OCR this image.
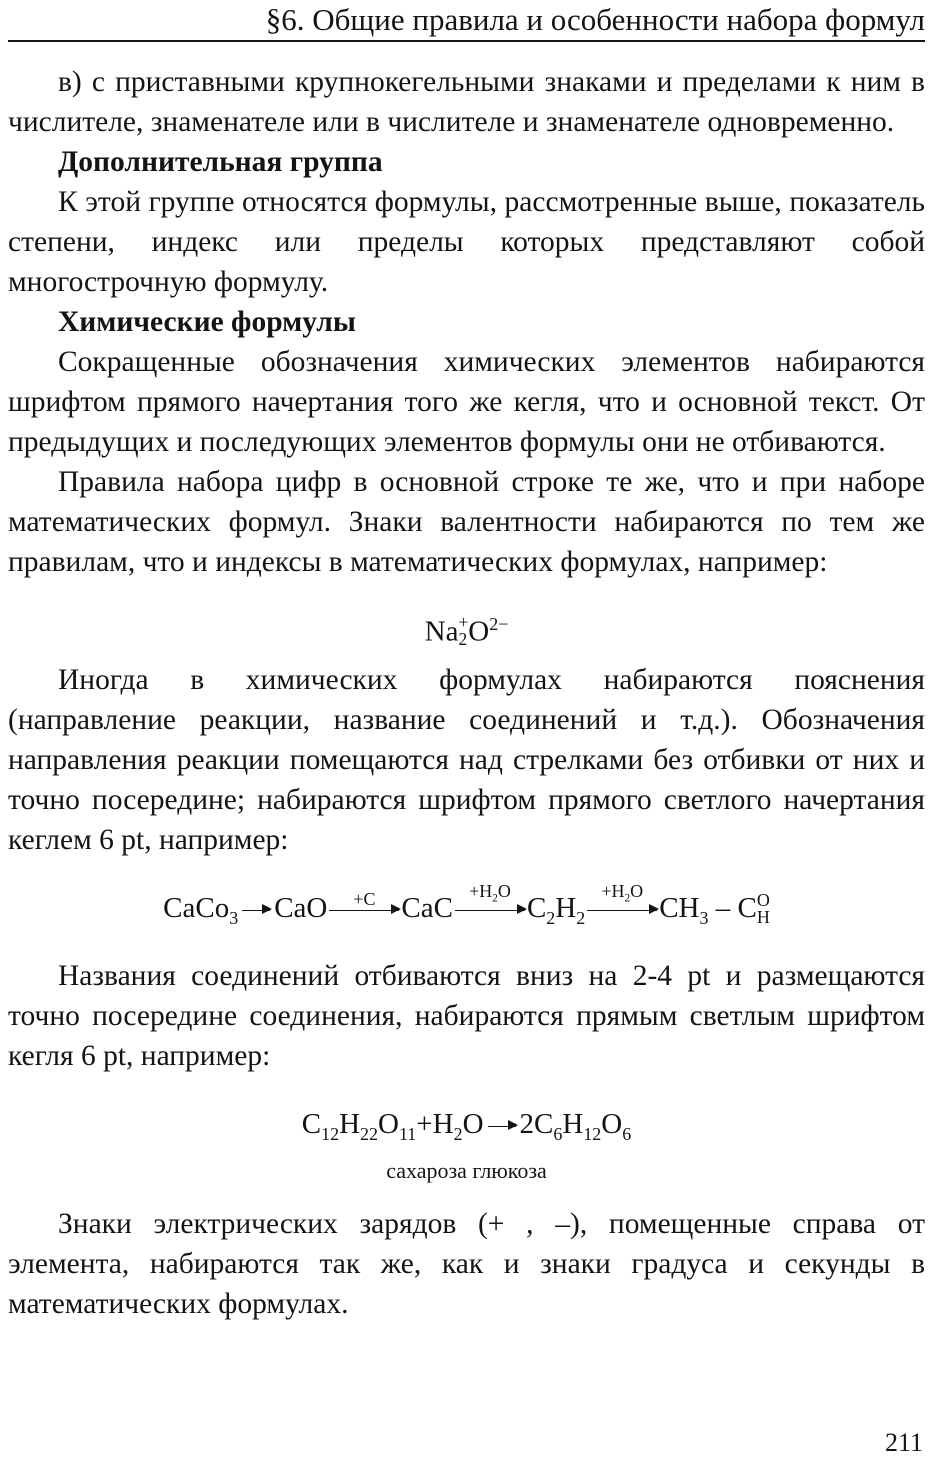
§6. Общие правила и особенности набора формул

в) с приставными крупнокегельными знаками и пределами к ним в числителе, знаменателе или в числителе и знаменателе одновременно.

Дополнительная группа

К этой группе относятся формулы, рассмотренные выше, показатель степени, индекс или пределы которых представляют собой многострочную формулу.

Химические формулы

Сокращенные обозначения химических элементов набираются шрифтом прямого начертания того же кегля, что и основной текст. От предыдущих и последующих элементов формулы они не отбиваются.

Правила набора цифр в основной строке те же, что и при наборе математических формул. Знаки валентности набираются по тем же правилам, что и индексы в математических формулах, например:

Na +
2 $O^{2-}$

Иногда в химических формулах набираются пояснения (направление реакции, название соединений и т.д.). Обозначения направления реакции помещаются над стрелками без отбивки от них и точно посередине; набираются шрифтом прямого светлого начертания кеглем 6 pt, например:

CaCo$_3$ → CaO	+C CaC
$+H_2O$
$C_2H_2$
$+H_2O$
$CH_3$ – C O
H

Названия соединений отбиваются вниз на 2-4 pt и размещаются точно посередине соединения, набираются прямым светлым шрифтом кегля 6 pt, например:

$C_{12}H_{22}O_{11}+H_2O \to 2C_6H_{12}O_6$

сахароза глюкоза

Знаки электрических зарядов (+ , –), помещенные справа от элемента, набираются так же, как и знаки градуса и секунды в математических формулах.

211
